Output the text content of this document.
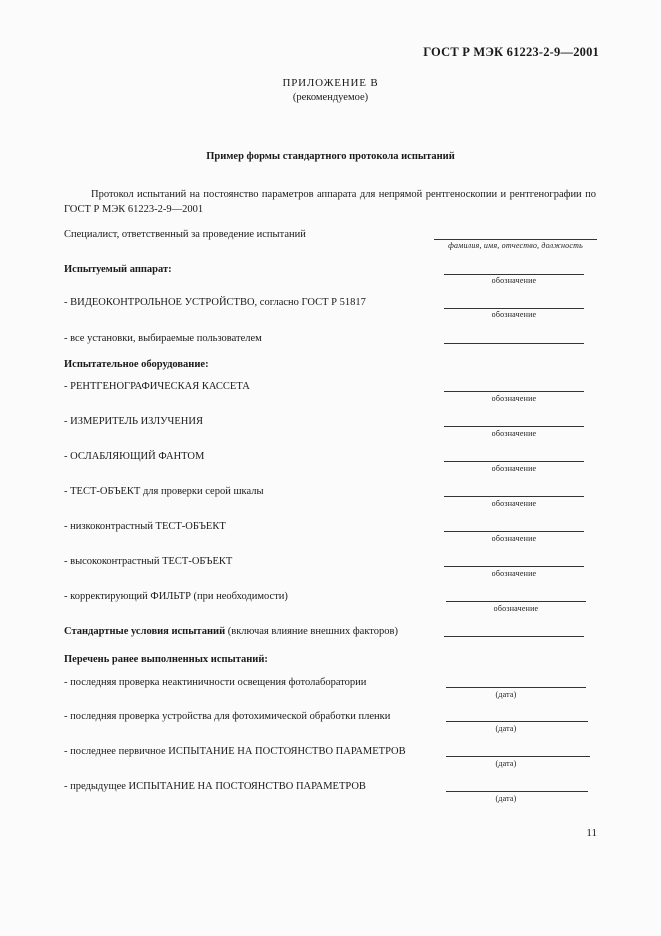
ГОСТ Р МЭК 61223-2-9—2001
ПРИЛОЖЕНИЕ В
(рекомендуемое)
Пример формы стандартного протокола испытаний
Протокол испытаний на постоянство параметров аппарата для непрямой рентгеноскопии и рентгенографии по ГОСТ Р МЭК 61223-2-9—2001
Специалист, ответственный за проведение испытаний
фамилия, имя, отчество, должность
Испытуемый аппарат:
обозначение
- ВИДЕОКОНТРОЛЬНОЕ УСТРОЙСТВО, согласно ГОСТ Р 51817
обозначение
- все установки, выбираемые пользователем
Испытательное оборудование:
- РЕНТГЕНОГРАФИЧЕСКАЯ КАССЕТА
обозначение
- ИЗМЕРИТЕЛЬ ИЗЛУЧЕНИЯ
обозначение
- ОСЛАБЛЯЮЩИЙ ФАНТОМ
обозначение
- ТЕСТ-ОБЪЕКТ для проверки серой шкалы
обозначение
- низкоконтрастный ТЕСТ-ОБЪЕКТ
обозначение
- высококонтрастный ТЕСТ-ОБЪЕКТ
обозначение
- корректирующий ФИЛЬТР (при необходимости)
обозначение
Стандартные условия испытаний (включая влияние внешних факторов)
Перечень ранее выполненных испытаний:
- последняя проверка неактиничности освещения фотолаборатории
(дата)
- последняя проверка устройства для фотохимической обработки пленки
(дата)
- последнее первичное ИСПЫТАНИЕ НА ПОСТОЯНСТВО ПАРАМЕТРОВ
(дата)
- предыдущее ИСПЫТАНИЕ НА ПОСТОЯНСТВО ПАРАМЕТРОВ
(дата)
11
